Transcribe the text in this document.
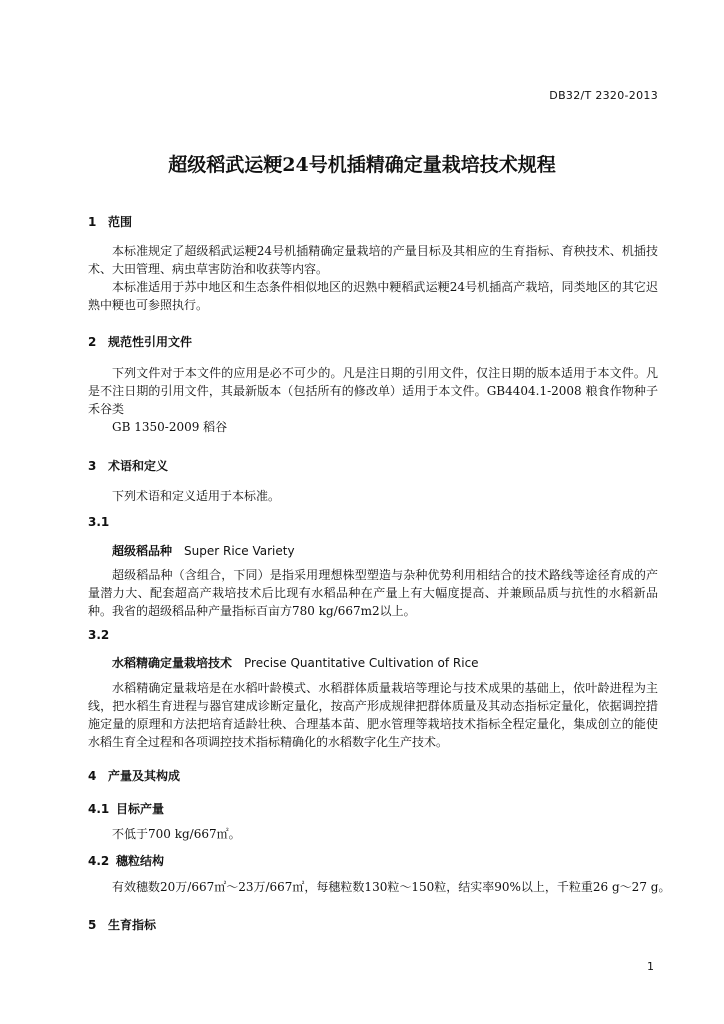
DB32/T 2320-2013
超级稻武运粳24号机插精确定量栽培技术规程
1 范围
本标准规定了超级稻武运粳24号机插精确定量栽培的产量目标及其相应的生育指标、育秧技术、机插技术、大田管理、病虫草害防治和收获等内容。
本标准适用于苏中地区和生态条件相似地区的迟熟中粳稻武运粳24号机插高产栽培，同类地区的其它迟熟中粳也可参照执行。
2 规范性引用文件
下列文件对于本文件的应用是必不可少的。凡是注日期的引用文件，仅注日期的版本适用于本文件。凡是不注日期的引用文件，其最新版本（包括所有的修改单）适用于本文件。GB4404.1-2008 粮食作物种子 禾谷类
GB 1350-2009 稻谷
3 术语和定义
下列术语和定义适用于本标准。
3.1
超级稻品种 Super Rice Variety
超级稻品种（含组合，下同）是指采用理想株型塑造与杂种优势利用相结合的技术路线等途径育成的产量潜力大、配套超高产栽培技术后比现有水稻品种在产量上有大幅度提高、并兼顾品质与抗性的水稻新品种。我省的超级稻品种产量指标百亩方780 kg/667m2以上。
3.2
水稻精确定量栽培技术 Precise Quantitative Cultivation of Rice
水稻精确定量栽培是在水稻叶龄模式、水稻群体质量栽培等理论与技术成果的基础上，依叶龄进程为主线，把水稻生育进程与器官建成诊断定量化，按高产形成规律把群体质量及其动态指标定量化，依据调控措施定量的原理和方法把培育适龄壮秧、合理基本苗、肥水管理等栽培技术指标全程定量化，集成创立的能使水稻生育全过程和各项调控技术指标精确化的水稻数字化生产技术。
4 产量及其构成
4.1 目标产量
不低于700 kg/667㎡。
4.2 穗粒结构
有效穗数20万/667㎡～23万/667㎡，每穗粒数130粒～150粒，结实率90%以上，千粒重26 g～27 g。
5 生育指标
1
